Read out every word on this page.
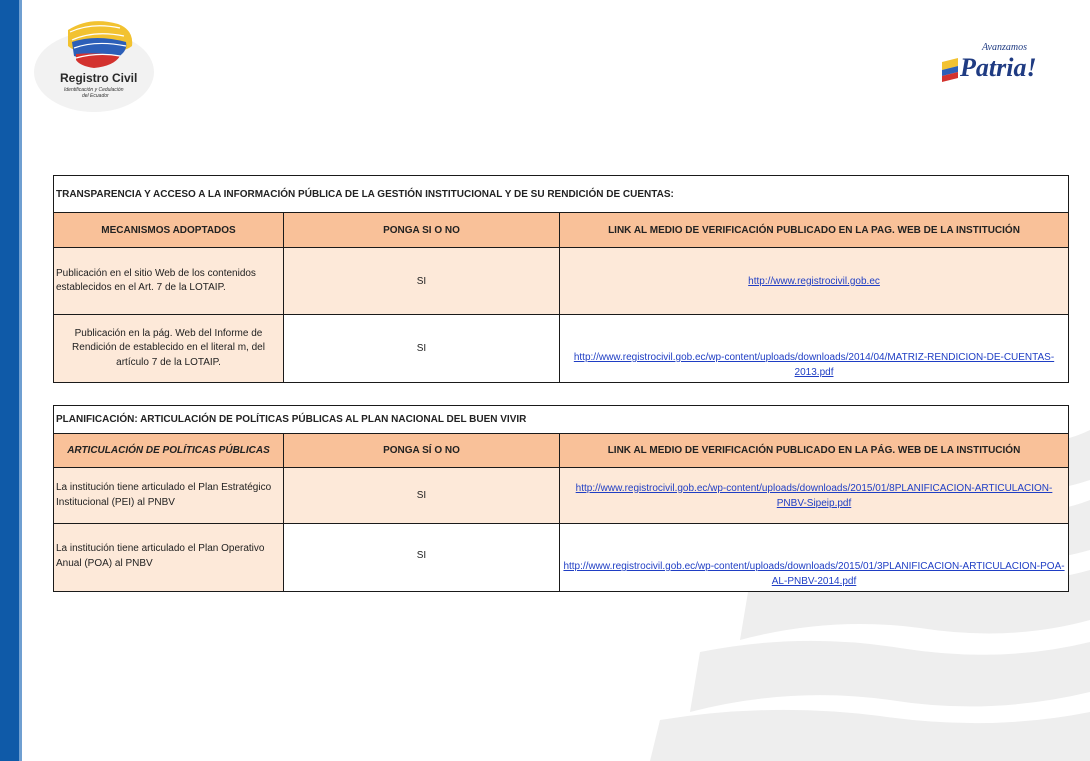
Registro Civil
Identificación y Cedulación
del Ecuador
Avanzamos
Patria!
TRANSPARENCIA Y ACCESO A LA INFORMACIÓN PÚBLICA DE LA GESTIÓN INSTITUCIONAL Y DE SU RENDICIÓN DE CUENTAS:		
MECANISMOS ADOPTADOS	PONGA SI O NO	LINK AL MEDIO DE VERIFICACIÓN PUBLICADO EN LA PAG. WEB DE LA INSTITUCIÓN
Publicación en el sitio Web de los contenidos establecidos en el Art. 7 de la LOTAIP.	SI	http://www.registrocivil.gob.ec
Publicación en la pág. Web del Informe de Rendición de establecido en el literal m, del artículo 7 de la LOTAIP.	SI	http://www.registrocivil.gob.ec/wp-content/uploads/downloads/2014/04/MATRIZ-RENDICION-DE-CUENTAS-2013.pdf
PLANIFICACIÓN: ARTICULACIÓN DE POLÍTICAS PÚBLICAS AL PLAN NACIONAL DEL BUEN VIVIR		
ARTICULACIÓN DE POLÍTICAS PÚBLICAS	PONGA SÍ O NO	LINK AL MEDIO DE VERIFICACIÓN PUBLICADO EN LA PÁG. WEB DE LA INSTITUCIÓN
La institución tiene articulado el Plan Estratégico Institucional (PEI) al PNBV	SI	http://www.registrocivil.gob.ec/wp-content/uploads/downloads/2015/01/8PLANIFICACION-ARTICULACION-PNBV-Sipeip.pdf
La institución tiene articulado el Plan Operativo Anual (POA) al PNBV	SI	http://www.registrocivil.gob.ec/wp-content/uploads/downloads/2015/01/3PLANIFICACION-ARTICULACION-POA-AL-PNBV-2014.pdf
